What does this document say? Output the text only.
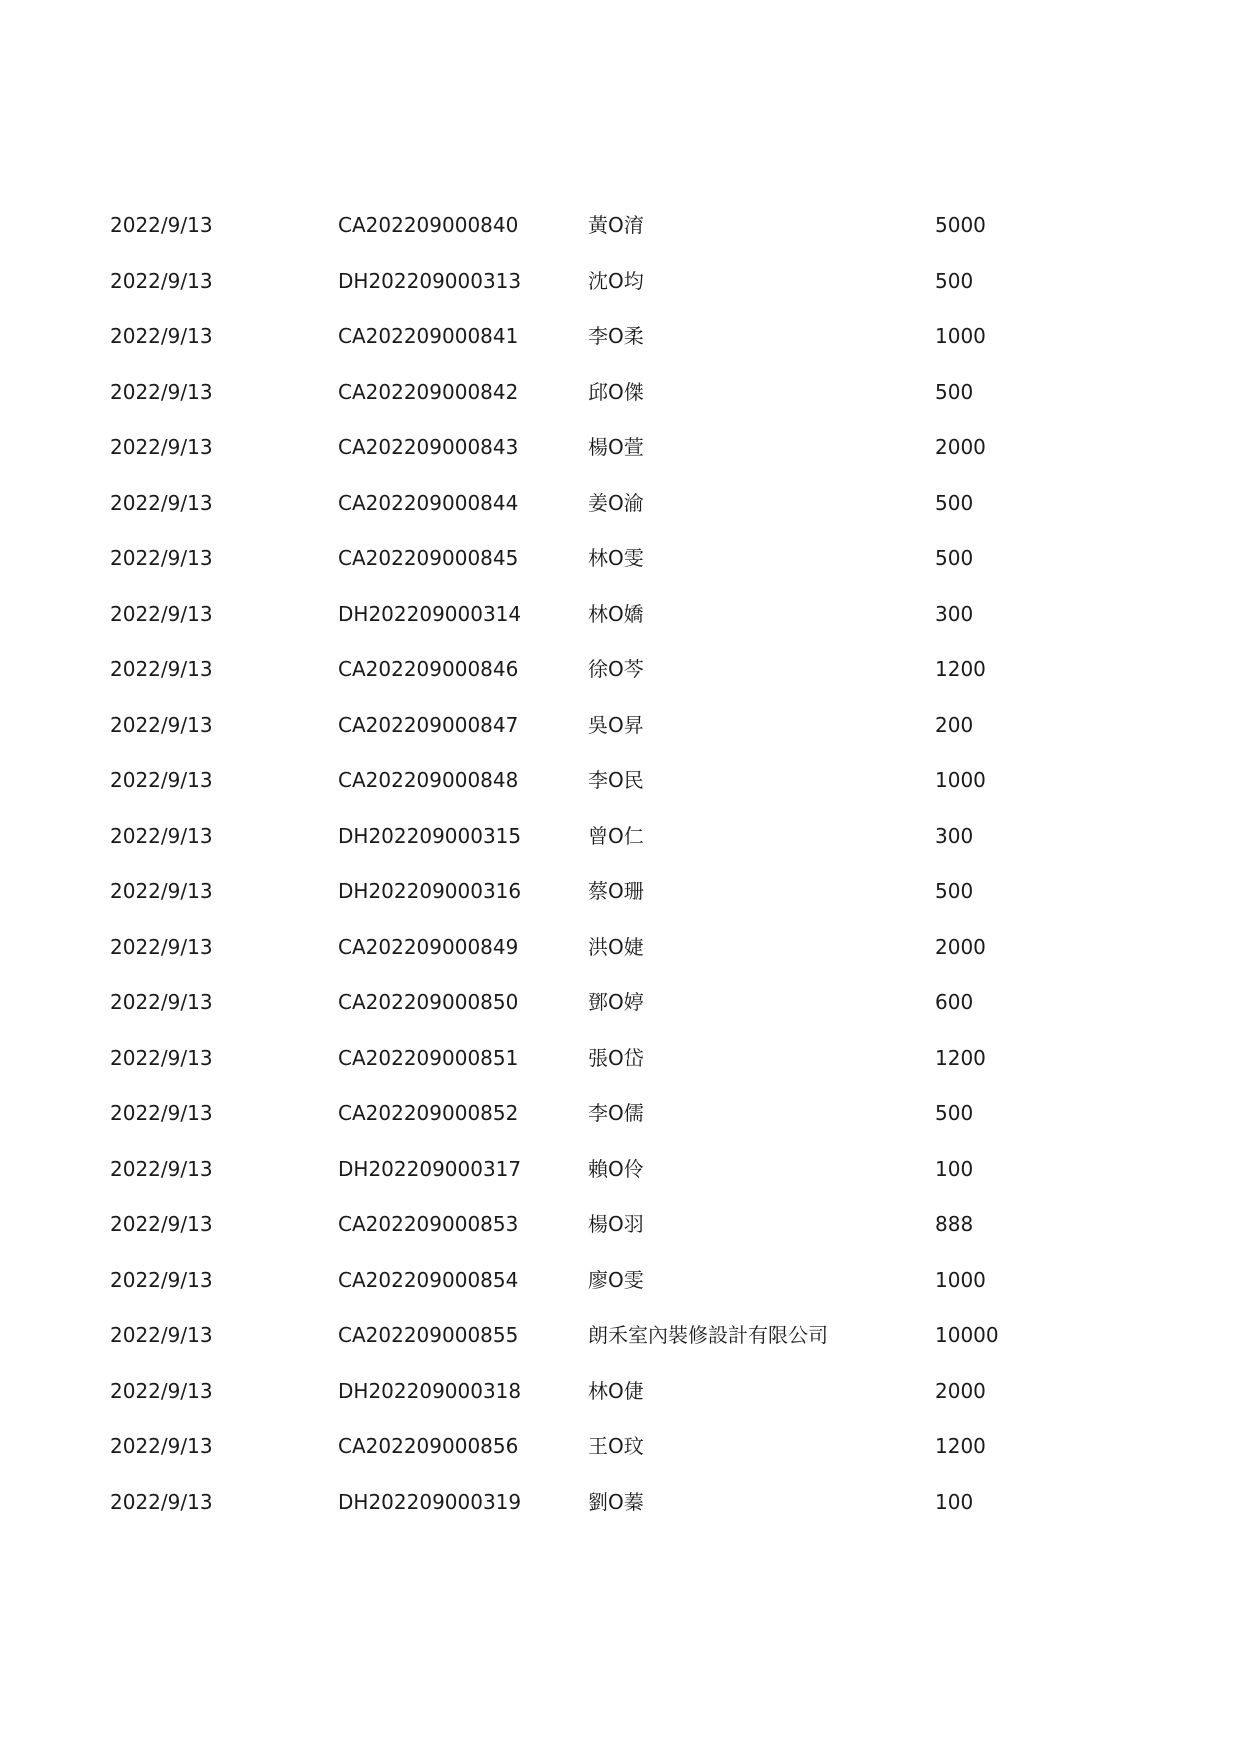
2022/9/13	CA202209000840	黃O淯	5000
2022/9/13	DH202209000313	沈O均	500
2022/9/13	CA202209000841	李O柔	1000
2022/9/13	CA202209000842	邱O傑	500
2022/9/13	CA202209000843	楊O萱	2000
2022/9/13	CA202209000844	姜O渝	500
2022/9/13	CA202209000845	林O雯	500
2022/9/13	DH202209000314	林O嬌	300
2022/9/13	CA202209000846	徐O芩	1200
2022/9/13	CA202209000847	吳O昇	200
2022/9/13	CA202209000848	李O民	1000
2022/9/13	DH202209000315	曾O仁	300
2022/9/13	DH202209000316	蔡O珊	500
2022/9/13	CA202209000849	洪O婕	2000
2022/9/13	CA202209000850	鄧O婷	600
2022/9/13	CA202209000851	張O岱	1200
2022/9/13	CA202209000852	李O儒	500
2022/9/13	DH202209000317	賴O伶	100
2022/9/13	CA202209000853	楊O羽	888
2022/9/13	CA202209000854	廖O雯	1000
2022/9/13	CA202209000855	朗禾室內裝修設計有限公司	10000
2022/9/13	DH202209000318	林O倢	2000
2022/9/13	CA202209000856	王O玟	1200
2022/9/13	DH202209000319	劉O蓁	100
